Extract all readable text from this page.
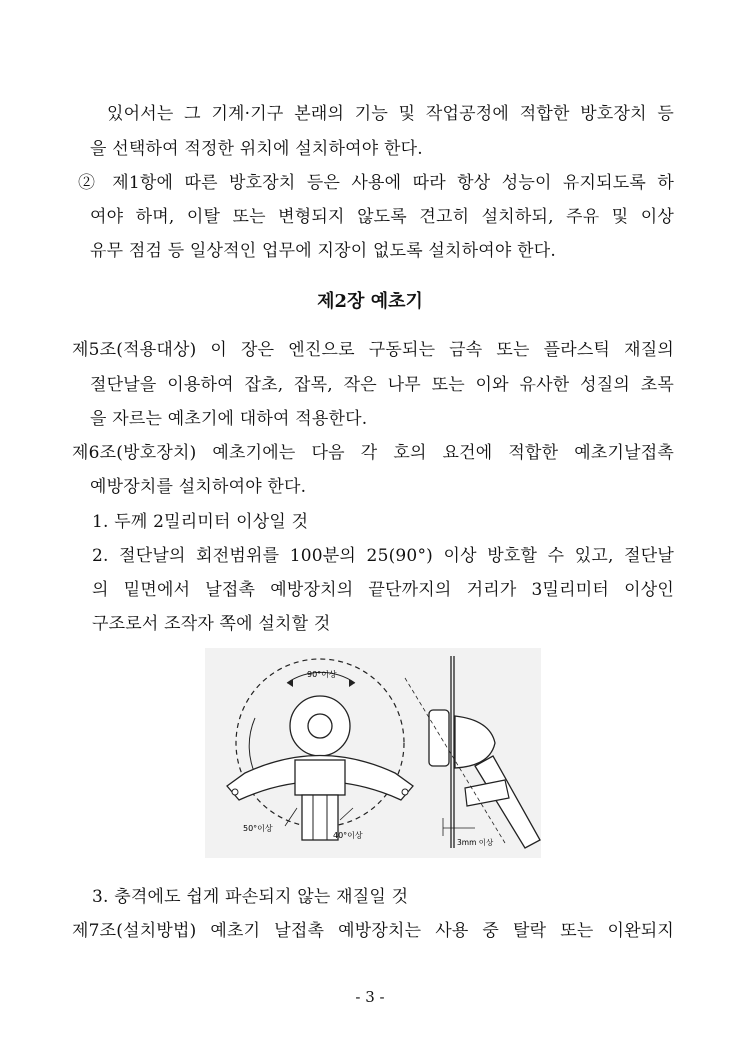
있어서는 그 기계·기구 본래의 기능 및 작업공정에 적합한 방호장치 등
을 선택하여 적정한 위치에 설치하여야 한다.
② 제1항에 따른 방호장치 등은 사용에 따라 항상 성능이 유지되도록 하
여야 하며, 이탈 또는 변형되지 않도록 견고히 설치하되, 주유 및 이상
유무 점검 등 일상적인 업무에 지장이 없도록 설치하여야 한다.
제2장 예초기
제5조(적용대상) 이 장은 엔진으로 구동되는 금속 또는 플라스틱 재질의
절단날을 이용하여 잡초, 잡목, 작은 나무 또는 이와 유사한 성질의 초목
을 자르는 예초기에 대하여 적용한다.
제6조(방호장치) 예초기에는 다음 각 호의 요건에 적합한 예초기날접촉
예방장치를 설치하여야 한다.
1. 두께 2밀리미터 이상일 것
2. 절단날의 회전범위를 100분의 25(90°) 이상 방호할 수 있고, 절단날
의 밑면에서 날접촉 예방장치의 끝단까지의 거리가 3밀리미터 이상인
구조로서 조작자 쪽에 설치할 것
90°이상
50°이상
40°이상
3mm 이상
3. 충격에도 쉽게 파손되지 않는 재질일 것
제7조(설치방법) 예초기 날접촉 예방장치는 사용 중 탈락 또는 이완되지
- 3 -
